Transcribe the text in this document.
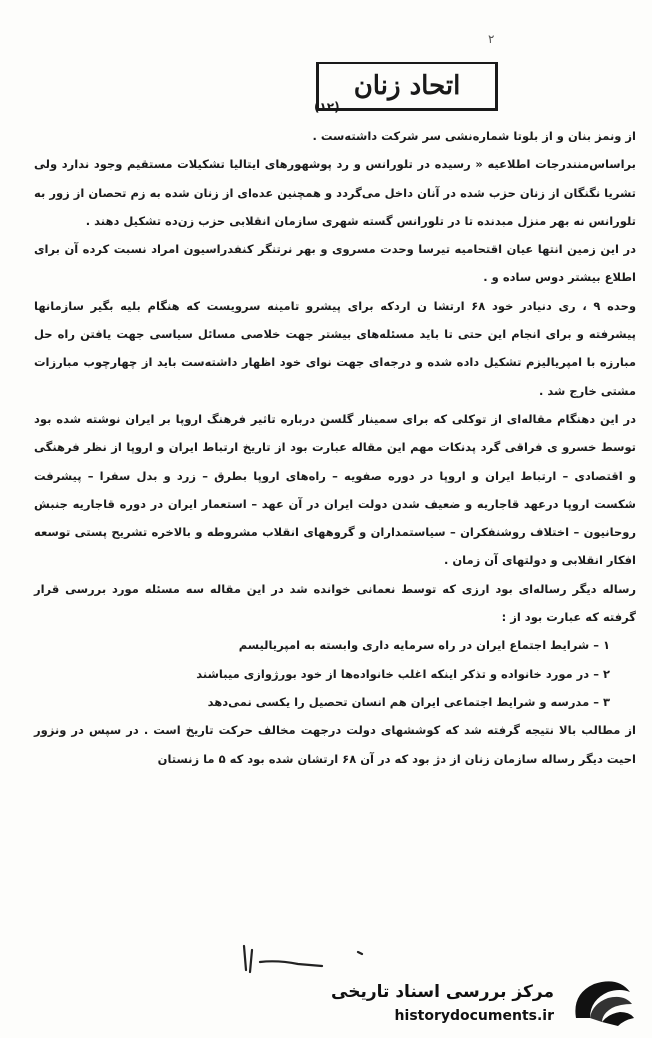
۲
اتحاد زنان
(۱۲)

از ونمز بنان و از بلوتا شماره‌نشی سر شرکت داشته‌ست .

براساس‌منندرجات اطلاعیه « رسیده در تلورانس و رد پوشهورهای ایتالیا تشکیلات مستقیم وجود ندارد ولی تشریا نگنگان از زنان حزب شده در آنان داخل می‌گردد و همچنین عده‌ای از زنان شده به زم تحصان از زور به تلورانس نه بهر منزل مبدنده تا در تلورانس گسته شهری سازمان انقلابی حزب زن‌ده تشکیل دهند .

در این زمین انتها عیان اقتحامیه تیرسا وحدت مسروی و بهر نرتنگر کنفدراسیون امراد نسبت کرده آن برای اطلاع بیشتر دوس ساده و .

وحده ۹ ، ری دنیادر خود ۶۸ ارتشا ن اردکه برای پیشرو تامینه سرویست که هنگام بلیه بگیر سازمانها پیشرفته و برای انجام این حتی تا باید مسئله‌های بیشتر جهت خلاصی مسائل سیاسی جهت یافتن راه حل مبارزه با امپریالیزم تشکیل داده شده و درجه‌ای جهت نوای خود اظهار داشته‌ست باید از چهارچوب مبارزات مشتی خارج شد .

در این دهنگام مقاله‌ای از توکلی که برای سمینار گلسن درباره تاثیر فرهنگ اروپا بر ایران نوشته شده بود توسط خسرو ی فراقی گرد پدنکات مهم این مقاله عبارت بود از تاریخ ارتباط ایران و اروپا از نظر فرهنگی و اقتصادی – ارتباط ایران و اروپا در دوره صفویه – راه‌های اروپا بطرق – زرد و بدل سفرا – پیشرفت شکست اروپا درعهد قاجاریه و ضعیف شدن دولت ایران در آن عهد – استعمار ایران در دوره قاجاریه جنبش روحانیون – اختلاف روشنفکران – سیاستمداران و گروههای انقلاب مشروطه و بالاخره تشریح پستی توسعه افکار انقلابی و دولتهای آن زمان .

رساله دیگر رساله‌ای بود ارزی که توسط نعمانی خوانده شد در این مقاله سه مسئله مورد بررسی قرار گرفته که عبارت بود از :

۱ – شرایط اجتماع ایران در راه سرمایه داری وابسته به امپریالیسم

۲ – در مورد خانواده و تذکر اینکه اغلب خانواده‌ها از خود بورژوازی میباشند

۳ – مدرسه و شرایط اجتماعی ایران هم انسان تحصیل را یکسی نمی‌دهد

از مطالب بالا نتیجه گرفته شد که کوششهای دولت درجهت مخالف حرکت تاریخ است . در سپس در ونزور احیت دیگر رساله سازمان زنان از دژ بود که در آن ۶۸ ارتشان شده بود که ۵ ما زنستان

مرکز بررسی اسناد تاریخی
historydocuments.ir
